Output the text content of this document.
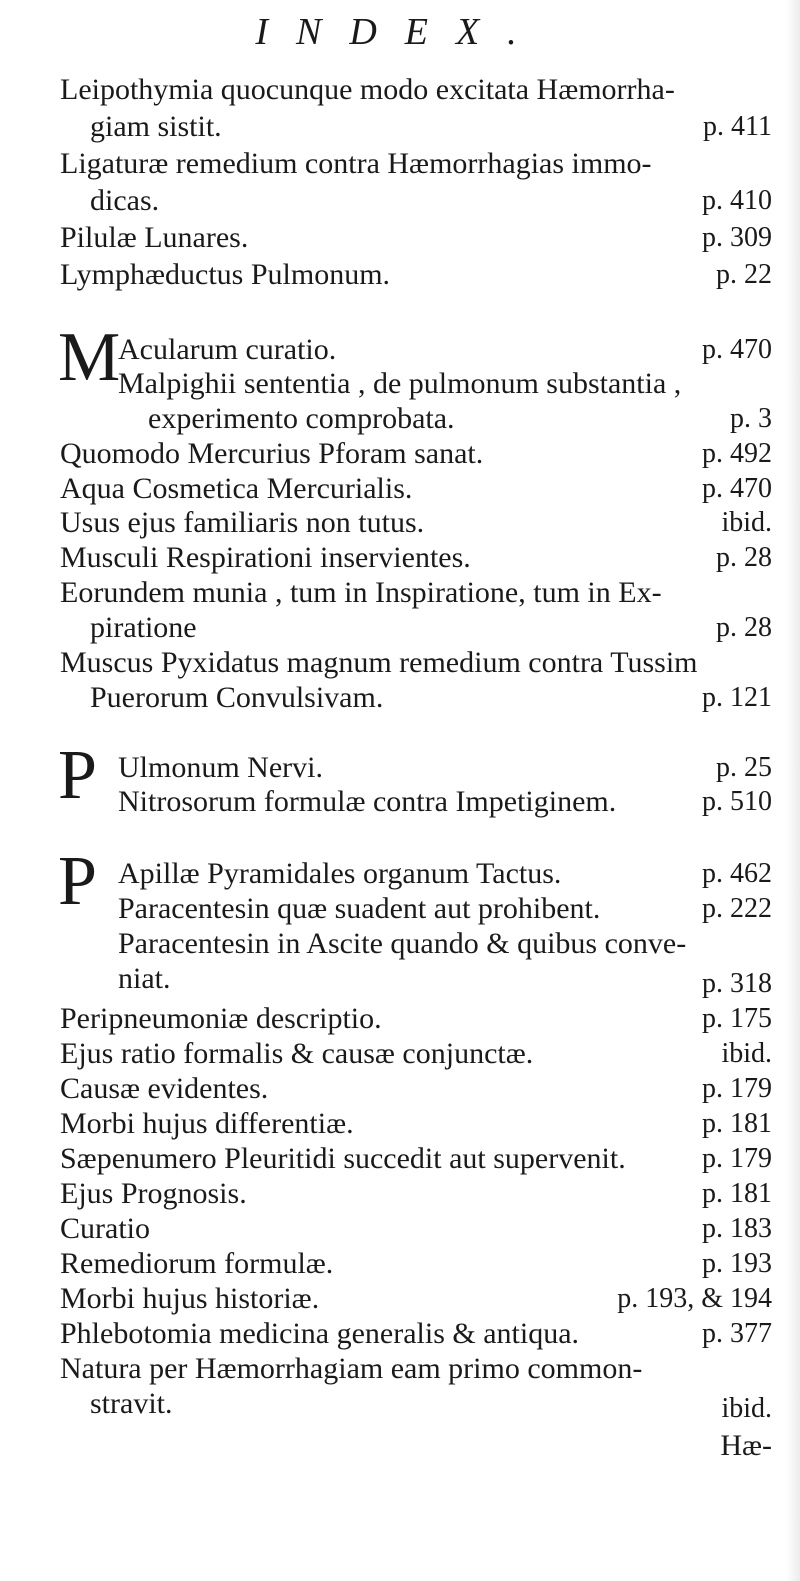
INDEX.
Leipothymia quocunque modo excitata Hæmorrha-
giam sistit.	p. 411
Ligaturæ remedium contra Hæmorrhagias immo-
dicas.	p. 410
Pilulæ Lunares.	p. 309
Lymphæductus Pulmonum.	p. 22
M
Acularum curatio.	p. 470
Malpighii sententia , de pulmonum substantia ,
experimento comprobata.	p. 3
Quomodo Mercurius Pforam sanat.	p. 492
Aqua Cosmetica Mercurialis.	p. 470
Usus ejus familiaris non tutus.	ibid.
Musculi Respirationi inservientes.	p. 28
Eorundem munia , tum in Inspiratione, tum in Ex-
piratione	p. 28
Muscus Pyxidatus magnum remedium contra Tussim
Puerorum Convulsivam.	p. 121
P Ulmonum Nervi.	p. 25
Nitrosorum formulæ contra Impetiginem.	p. 510
P Apillæ Pyramidales organum Tactus.	p. 462
Paracentesin quæ suadent aut prohibent.	p. 222
Paracentesin in Ascite quando & quibus conve-
niat.	p. 318
Peripneumoniæ descriptio.	p. 175
Ejus ratio formalis & causæ conjunctæ.	ibid.
Causæ evidentes.	p. 179
Morbi hujus differentiæ.	p. 181
Sæpenumero Pleuritidi succedit aut supervenit.	p. 179
Ejus Prognosis.	p. 181
Curatio	p. 183
Remediorum formulæ.	p. 193
Morbi hujus historiæ.	p. 193, & 194
Phlebotomia medicina generalis & antiqua.	p. 377
Natura per Hæmorrhagiam eam primo common-
stravit.	ibid.
Hæ-
